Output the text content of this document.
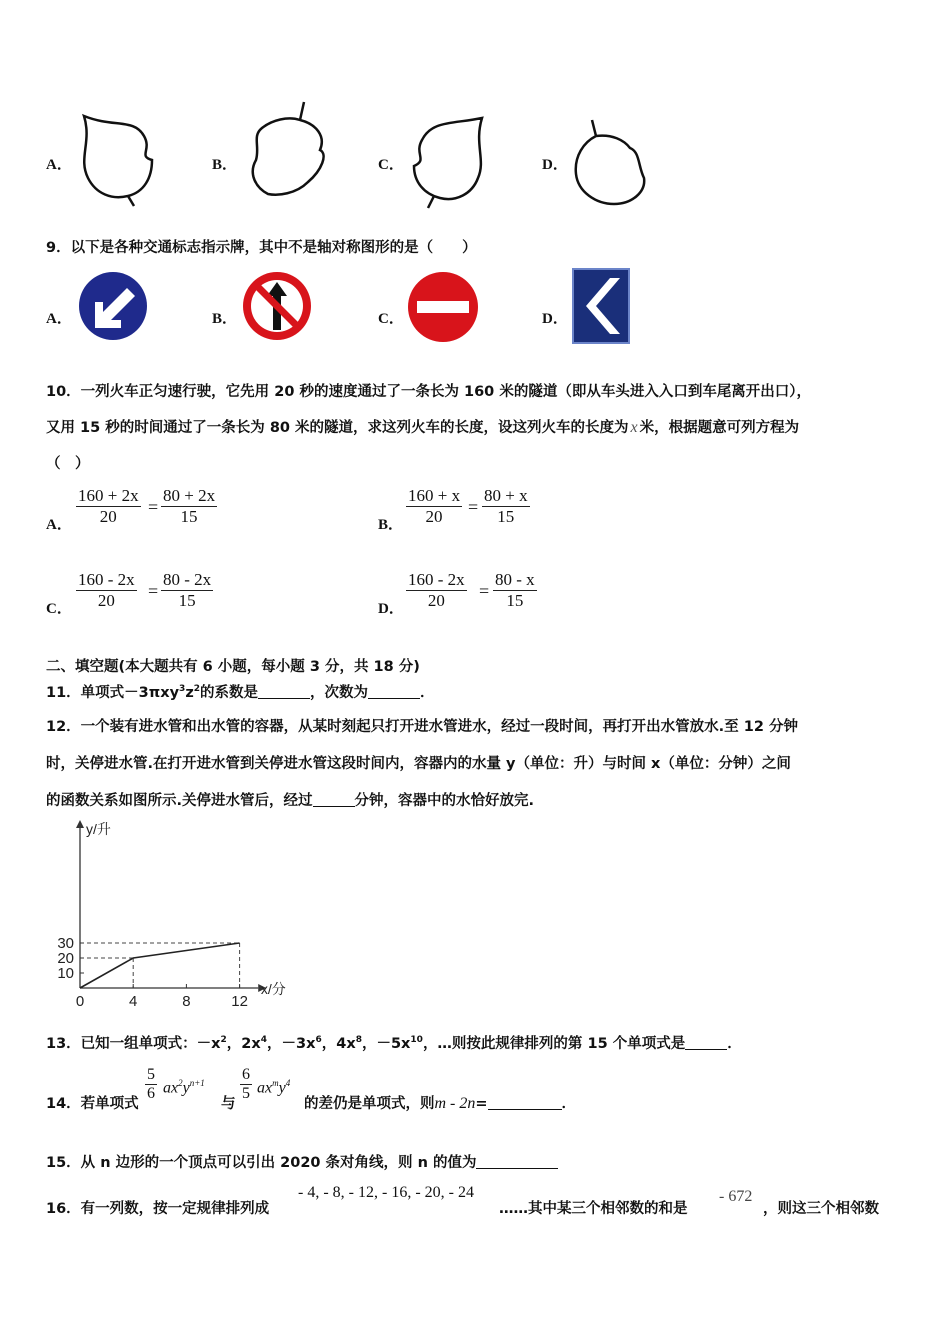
A．	B．	C．	D．
9．以下是各种交通标志指示牌，其中不是轴对称图形的是（　　）
A．	B．	C．	D．
10．一列火车正匀速行驶，它先用 20 秒的速度通过了一条长为 160 米的隧道（即从车头进入入口到车尾离开出口），
又用 15 秒的时间通过了一条长为 80 米的隧道，求这列火车的长度，设这列火车的长度为 x 米，根据题意可列方程为
（　）
A． $\frac{160 + 2x}{20} = \frac{80 + 2x}{15}$	B． $\frac{160 + x}{20} = \frac{80 + x}{15}$
C． $\frac{160 - 2x}{20} = \frac{80 - 2x}{15}$	D． $\frac{160 - 2x}{20} = \frac{80 - x}{15}$
二、填空题(本大题共有 6 小题，每小题 3 分，共 18 分)
11．单项式$-3\pi xy^3z^2$的系数是	，次数为	．
12．一个装有进水管和出水管的容器，从某时刻起只打开进水管进水，经过一段时间，再打开出水管放水.至 12 分钟
时，关停进水管.在打开进水管到关停进水管这段时间内，容器内的水量 y（单位：升）与时间 x（单位：分钟）之间
的函数关系如图所示.关停进水管后，经过	分钟，容器中的水恰好放完.
0	4	8	12
10
20
30
x/分
y/升
13．已知一组单项式：$-x^2$，$2x^4$，$-3x^6$，$4x^8$，$-5x^{10}$，…则按此规律排列的第 15 个单项式是	．
14．若单项式
$\frac{5}{6} ax^2y^{n+1}$
与
$\frac{6}{5} ax^my^4$
的差仍是单项式，则m - 2n=	．
15．从 n 边形的一个顶点可以引出 2020 条对角线，则 n 的值为
16．有一列数，按一定规律排列成
- 4, - 8, - 12, - 16, - 20, - 24
……其中某三个相邻数的和是
- 672
，则这三个相邻数
